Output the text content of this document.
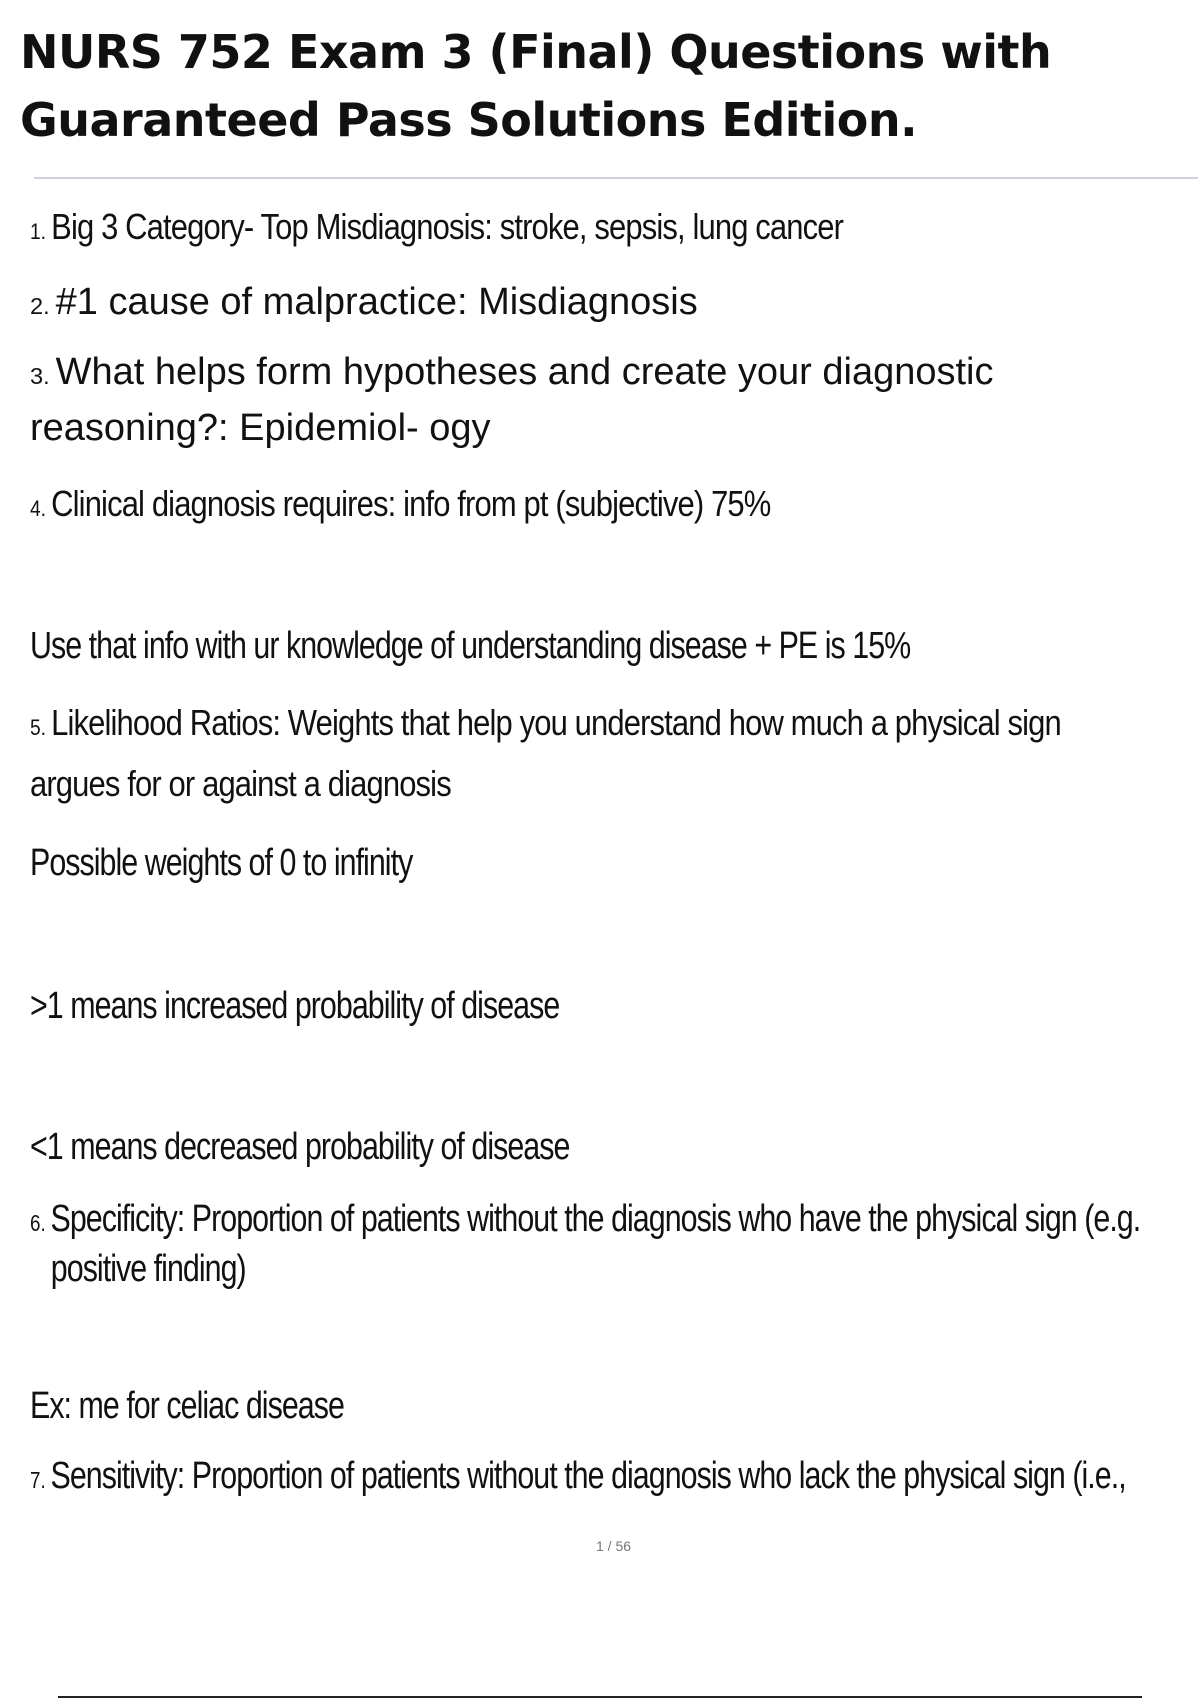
NURS 752 Exam 3 (Final) Questions with
Guaranteed Pass Solutions Edition.

1. Big 3 Category- Top Misdiagnosis: stroke, sepsis, lung cancer

2. #1 cause of malpractice: Misdiagnosis

3. What helps form hypotheses and create your diagnostic
reasoning?: Epidemiol- ogy

4. Clinical diagnosis requires: info from pt (subjective) 75%

Use that info with ur knowledge of understanding disease + PE is 15%

5. Likelihood Ratios: Weights that help you understand how much a physical sign
argues for or against a diagnosis

Possible weights of 0 to infinity

>1 means increased probability of disease

<1 means decreased probability of disease

6. Specificity: Proportion of patients without the diagnosis who have the physical sign (e.g.
positive finding)

Ex: me for celiac disease

7. Sensitivity: Proportion of patients without the diagnosis who lack the physical sign (i.e.,

1 / 56
